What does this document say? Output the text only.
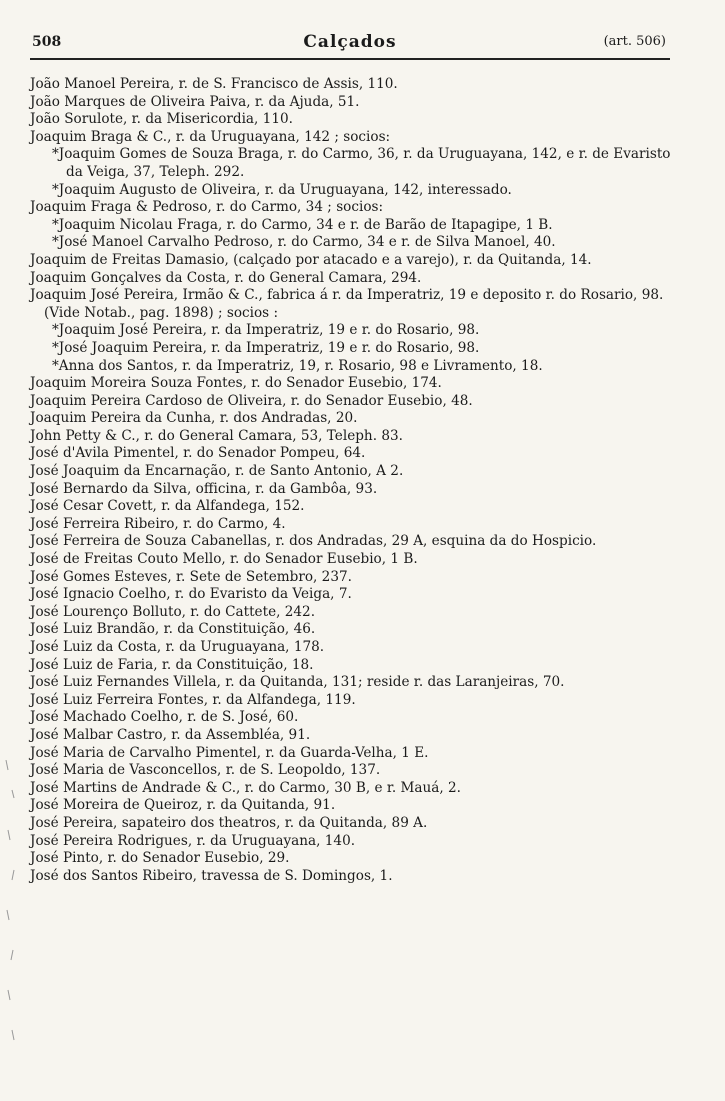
508	Calçados	(art. 506)

João Manoel Pereira, r. de S. Francisco de Assis, 110.

João Marques de Oliveira Paiva, r. da Ajuda, 51.

João Sorulote, r. da Misericordia, 110.

Joaquim Braga & C., r. da Uruguayana, 142 ; socios:

*Joaquim Gomes de Souza Braga, r. do Carmo, 36, r. da Uruguayana, 142, e r. de Evaristo da Veiga, 37, Teleph. 292.

*Joaquim Augusto de Oliveira, r. da Uruguayana, 142, interessado.

Joaquim Fraga & Pedroso, r. do Carmo, 34 ; socios:

*Joaquim Nicolau Fraga, r. do Carmo, 34 e r. de Barão de Itapagipe, 1 B.

*José Manoel Carvalho Pedroso, r. do Carmo, 34 e r. de Silva Manoel, 40.

Joaquim de Freitas Damasio, (calçado por atacado e a varejo), r. da Quitanda, 14.

Joaquim Gonçalves da Costa, r. do General Camara, 294.

Joaquim José Pereira, Irmão & C., fabrica á r. da Imperatriz, 19 e deposito r. do Rosario, 98. (Vide Notab., pag. 1898) ; socios :

*Joaquim José Pereira, r. da Imperatriz, 19 e r. do Rosario, 98.

*José Joaquim Pereira, r. da Imperatriz, 19 e r. do Rosario, 98.

*Anna dos Santos, r. da Imperatriz, 19, r. Rosario, 98 e Livramento, 18.

Joaquim Moreira Souza Fontes, r. do Senador Eusebio, 174.

Joaquim Pereira Cardoso de Oliveira, r. do Senador Eusebio, 48.

Joaquim Pereira da Cunha, r. dos Andradas, 20.

John Petty & C., r. do General Camara, 53, Teleph. 83.

José d'Avila Pimentel, r. do Senador Pompeu, 64.

José Joaquim da Encarnação, r. de Santo Antonio, A 2.

José Bernardo da Silva, officina, r. da Gambôa, 93.

José Cesar Covett, r. da Alfandega, 152.

José Ferreira Ribeiro, r. do Carmo, 4.

José Ferreira de Souza Cabanellas, r. dos Andradas, 29 A, esquina da do Hospicio.

José de Freitas Couto Mello, r. do Senador Eusebio, 1 B.

José Gomes Esteves, r. Sete de Setembro, 237.

José Ignacio Coelho, r. do Evaristo da Veiga, 7.

José Lourenço Bolluto, r. do Cattete, 242.

José Luiz Brandão, r. da Constituição, 46.

José Luiz da Costa, r. da Uruguayana, 178.

José Luiz de Faria, r. da Constituição, 18.

José Luiz Fernandes Villela, r. da Quitanda, 131; reside r. das Laranjeiras, 70.

José Luiz Ferreira Fontes, r. da Alfandega, 119.

José Machado Coelho, r. de S. José, 60.

José Malbar Castro, r. da Assembléa, 91.

José Maria de Carvalho Pimentel, r. da Guarda-Velha, 1 E.

José Maria de Vasconcellos, r. de S. Leopoldo, 137.

José Martins de Andrade & C., r. do Carmo, 30 B, e r. Mauá, 2.

José Moreira de Queiroz, r. da Quitanda, 91.

José Pereira, sapateiro dos theatros, r. da Quitanda, 89 A.

José Pereira Rodrigues, r. da Uruguayana, 140.

José Pinto, r. do Senador Eusebio, 29.

José dos Santos Ribeiro, travessa de S. Domingos, 1.
